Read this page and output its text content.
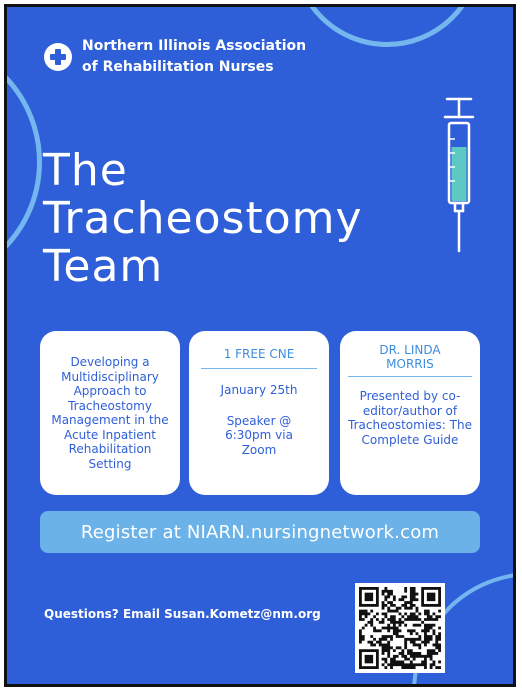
Northern Illinois Association
of Rehabilitation Nurses
The
Tracheostomy
Team
Developing a Multidisciplinary Approach to Tracheostomy Management in the Acute Inpatient Rehabilitation Setting
1 FREE CNE
January 25th
Speaker @ 6:30pm via Zoom
DR. LINDA MORRIS
Presented by co-editor/author of Tracheostomies: The Complete Guide
Register at NIARN.nursingnetwork.com
Questions? Email Susan.Kometz@nm.org
